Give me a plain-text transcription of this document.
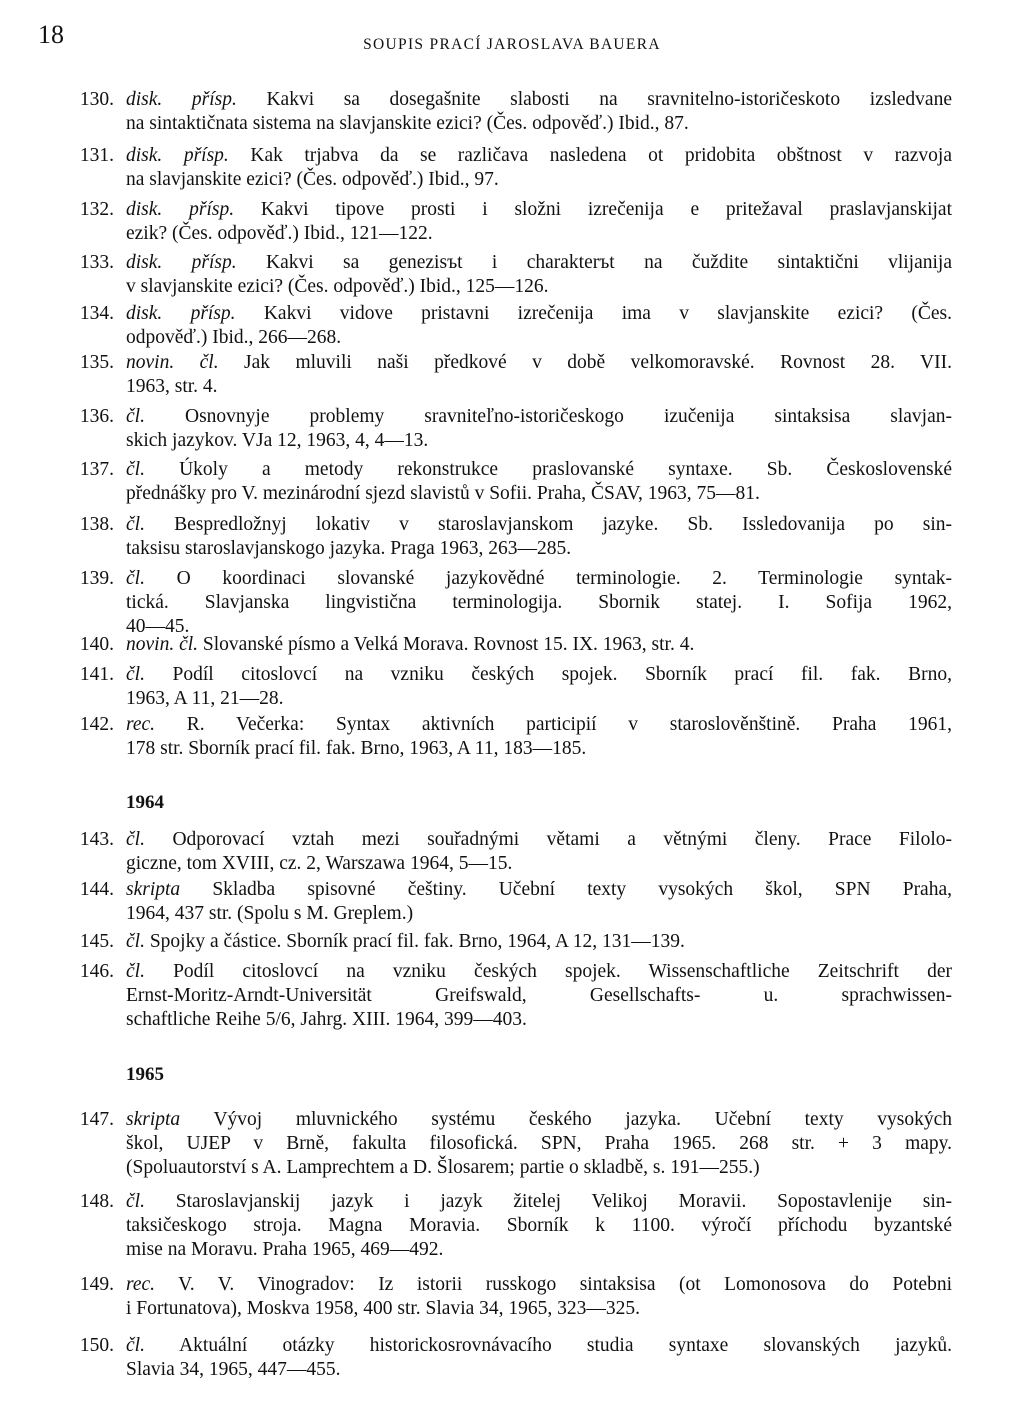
18	SOUPIS PRACÍ JAROSLAVA BAUERA
1964
1965
130. disk. přísp. Kakvi sa dosegašnite slabosti na sravnitelno-istoričeskoto izsledvane
na sintaktičnata sistema na slavjanskite ezici? (Čes. odpověď.) Ibid., 87.
131. disk. přísp. Kak trjabva da se različava nasledena ot pridobita obštnost v razvoja
na slavjanskite ezici? (Čes. odpověď.) Ibid., 97.
132. disk. přísp. Kakvi tipove prosti i složni izrečenija e pritežaval praslavjanskijat
ezik? (Čes. odpověď.) Ibid., 121—122.
133. disk. přísp. Kakvi sa genezisъt i charakterъt na čuždite sintaktični vlijanija
v slavjanskite ezici? (Čes. odpověď.) Ibid., 125—126.
134. disk. přísp. Kakvi vidove pristavni izrečenija ima v slavjanskite ezici? (Čes.
odpověď.) Ibid., 266—268.
135. novin. čl. Jak mluvili naši předkové v době velkomoravské. Rovnost 28. VII.
1963, str. 4.
136. čl. Osnovnyje problemy sravniteľno-istoričeskogo izučenija sintaksisa slavjan-
skich jazykov. VJa 12, 1963, 4, 4—13.
137. čl. Úkoly a metody rekonstrukce praslovanské syntaxe. Sb. Československé
přednášky pro V. mezinárodní sjezd slavistů v Sofii. Praha, ČSAV, 1963, 75—81.
138. čl. Bespredložnyj lokativ v staroslavjanskom jazyke. Sb. Issledovanija po sin-
taksisu staroslavjanskogo jazyka. Praga 1963, 263—285.
139. čl. O koordinaci slovanské jazykovědné terminologie. 2. Terminologie syntak-
tická. Slavjanska lingvistična terminologija. Sbornik statej. I. Sofija 1962,
40—45.
140. novin. čl. Slovanské písmo a Velká Morava. Rovnost 15. IX. 1963, str. 4.
141. čl. Podíl citoslovcí na vzniku českých spojek. Sborník prací fil. fak. Brno,
1963, A 11, 21—28.
142. rec. R. Večerka: Syntax aktivních participií v staroslověnštině. Praha 1961,
178 str. Sborník prací fil. fak. Brno, 1963, A 11, 183—185.
143. čl. Odporovací vztah mezi souřadnými větami a větnými členy. Prace Filolo-
giczne, tom XVIII, cz. 2, Warszawa 1964, 5—15.
144. skripta Skladba spisovné češtiny. Učební texty vysokých škol, SPN Praha,
1964, 437 str. (Spolu s M. Greplem.)
145. čl. Spojky a částice. Sborník prací fil. fak. Brno, 1964, A 12, 131—139.
146. čl. Podíl citoslovcí na vzniku českých spojek. Wissenschaftliche Zeitschrift der
Ernst-Moritz-Arndt-Universität Greifswald, Gesellschafts- u. sprachwissen-
schaftliche Reihe 5/6, Jahrg. XIII. 1964, 399—403.
147. skripta Vývoj mluvnického systému českého jazyka. Učební texty vysokých
škol, UJEP v Brně, fakulta filosofická. SPN, Praha 1965. 268 str. + 3 mapy.
(Spoluautorství s A. Lamprechtem a D. Šlosarem; partie o skladbě, s. 191—255.)
148. čl. Staroslavjanskij jazyk i jazyk žitelej Velikoj Moravii. Sopostavlenije sin-
taksičeskogo stroja. Magna Moravia. Sborník k 1100. výročí příchodu byzantské
mise na Moravu. Praha 1965, 469—492.
149. rec. V. V. Vinogradov: Iz istorii russkogo sintaksisa (ot Lomonosova do Potebni
i Fortunatova), Moskva 1958, 400 str. Slavia 34, 1965, 323—325.
150. čl. Aktuální otázky historickosrovnávacího studia syntaxe slovanských jazyků.
Slavia 34, 1965, 447—455.
